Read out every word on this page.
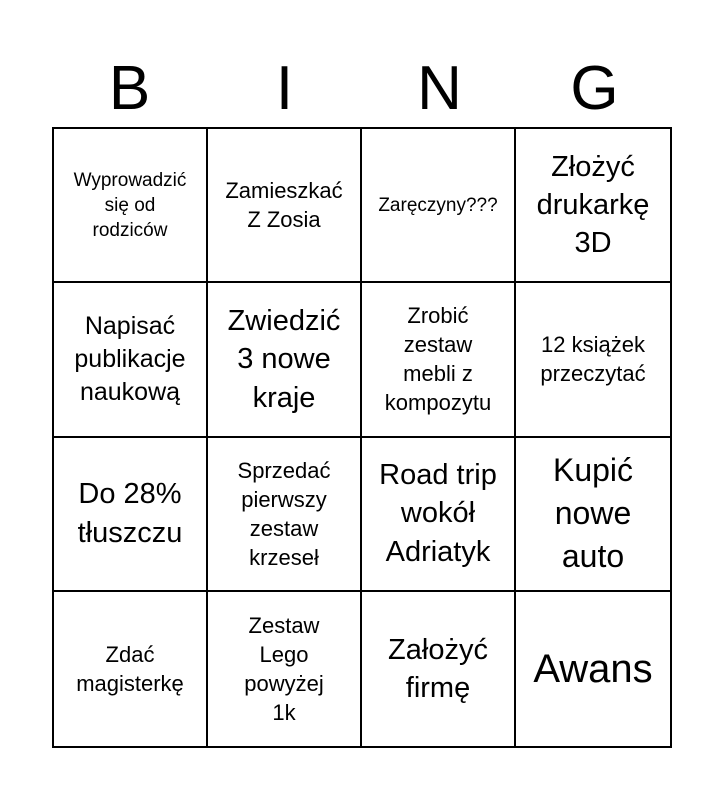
B	I	N	G
Wyprowadzić
się od
rodziców
Zamieszkać
Z Zosia
Zaręczyny???
Złożyć
drukarkę
3D
Napisać
publikacje
naukową
Zwiedzić
3 nowe
kraje
Zrobić
zestaw
mebli z
kompozytu
12 książek
przeczytać
Do 28%
tłuszczu
Sprzedać
pierwszy
zestaw
krzeseł
Road trip
wokół
Adriatyk
Kupić
nowe
auto
Zdać
magisterkę
Zestaw
Lego
powyżej
1k
Założyć
firmę	Awans
